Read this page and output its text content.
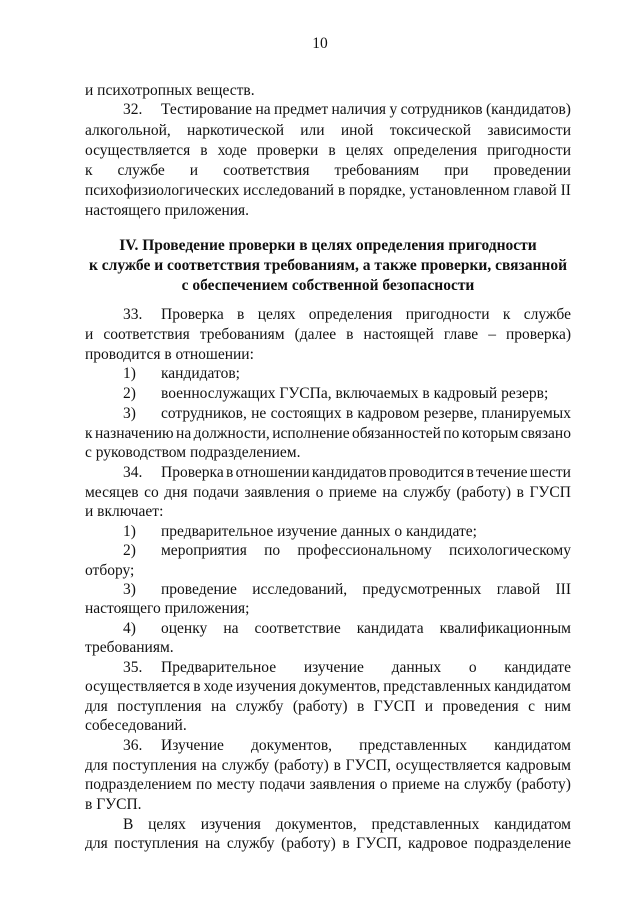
10
и психотропных веществ.
32. Тестирование на предмет наличия у сотрудников (кандидатов)
алкогольной, наркотической или иной токсической зависимости
осуществляется в ходе проверки в целях определения пригодности
к службе и соответствия требованиям при проведении
психофизиологических исследований в порядке, установленном главой II
настоящего приложения.
IV. Проведение проверки в целях определения пригодности
к службе и соответствия требованиям, а также проверки, связанной
с обеспечением собственной безопасности
33. Проверка в целях определения пригодности к службе
и соответствия требованиям (далее в настоящей главе – проверка)
проводится в отношении:
1) кандидатов;
2) военнослужащих ГУСПа, включаемых в кадровый резерв;
3) сотрудников, не состоящих в кадровом резерве, планируемых
к назначению на должности, исполнение обязанностей по которым связано
с руководством подразделением.
34. Проверка в отношении кандидатов проводится в течение шести
месяцев со дня подачи заявления о приеме на службу (работу) в ГУСП
и включает:
1) предварительное изучение данных о кандидате;
2) мероприятия по профессиональному психологическому
отбору;
3) проведение исследований, предусмотренных главой III
настоящего приложения;
4) оценку на соответствие кандидата квалификационным
требованиям.
35. Предварительное изучение данных о кандидате
осуществляется в ходе изучения документов, представленных кандидатом
для поступления на службу (работу) в ГУСП и проведения с ним
собеседований.
36. Изучение документов, представленных кандидатом
для поступления на службу (работу) в ГУСП, осуществляется кадровым
подразделением по месту подачи заявления о приеме на службу (работу)
в ГУСП.
В целях изучения документов, представленных кандидатом
для поступления на службу (работу) в ГУСП, кадровое подразделение
